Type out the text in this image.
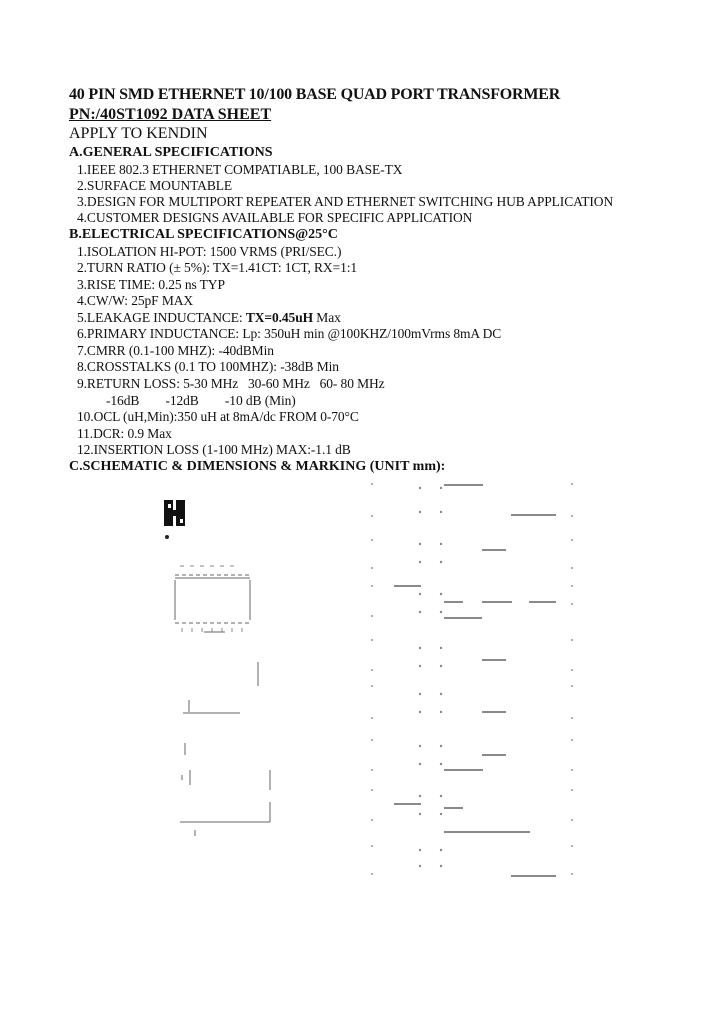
40 PIN SMD ETHERNET 10/100 BASE QUAD PORT TRANSFORMER
PN:/40ST1092 DATA SHEET
APPLY TO KENDIN
A.GENERAL SPECIFICATIONS
1.IEEE 802.3 ETHERNET COMPATIABLE, 100 BASE-TX
2.SURFACE MOUNTABLE
3.DESIGN FOR MULTIPORT REPEATER AND ETHERNET SWITCHING HUB APPLICATION
4.CUSTOMER DESIGNS AVAILABLE FOR SPECIFIC APPLICATION
B.ELECTRICAL SPECIFICATIONS@25°C
1.ISOLATION HI-POT: 1500 VRMS (PRI/SEC.)
2.TURN RATIO (± 5%): TX=1.41CT: 1CT, RX=1:1
3.RISE TIME: 0.25 ns TYP
4.CW/W: 25pF MAX
5.LEAKAGE INDUCTANCE: TX=0.45uH Max
6.PRIMARY INDUCTANCE: Lp: 350uH min @100KHZ/100mVrms 8mA DC
7.CMRR (0.1-100 MHZ): -40dBMin
8.CROSSTALKS (0.1 TO 100MHZ): -38dB Min
9.RETURN LOSS: 5-30 MHz   30-60 MHz   60- 80 MHz
-16dB        -12dB        -10 dB (Min)
10.OCL (uH,Min):350 uH at 8mA/dc FROM 0-70°C
11.DCR: 0.9 Max
12.INSERTION LOSS (1-100 MHz) MAX:-1.1 dB
C.SCHEMATIC & DIMENSIONS & MARKING (UNIT mm):
